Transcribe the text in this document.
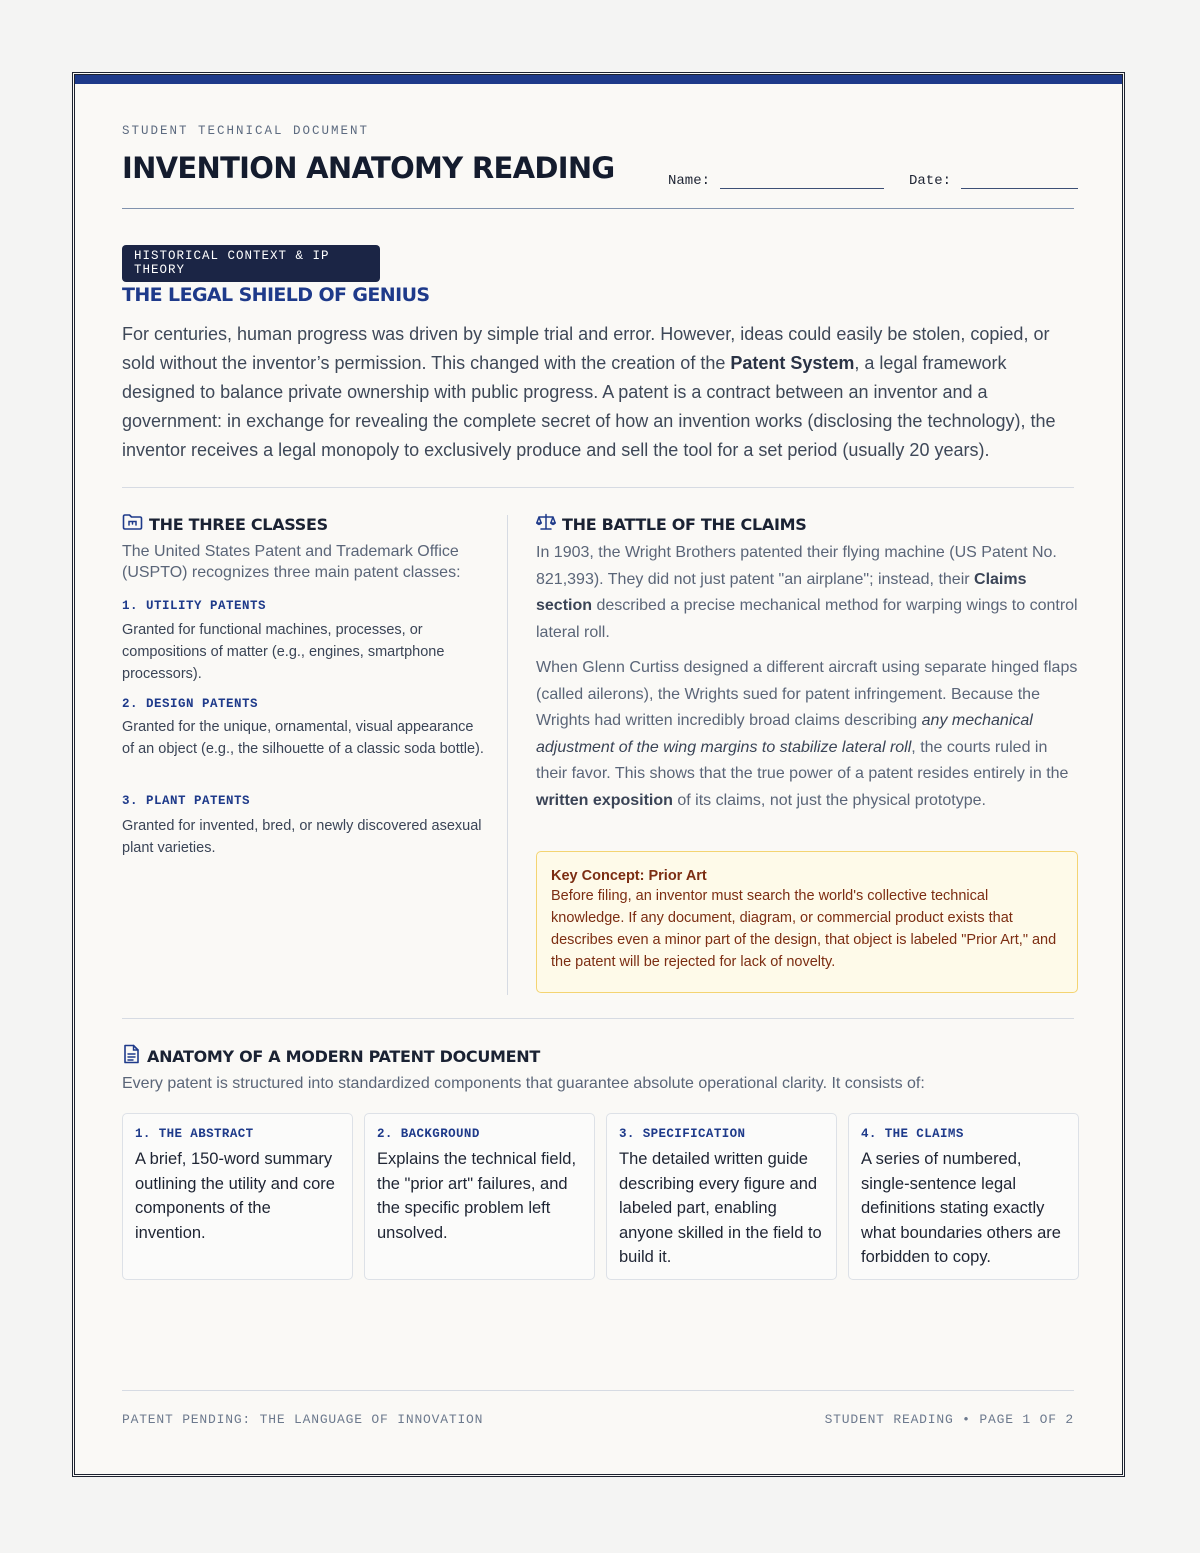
STUDENT TECHNICAL DOCUMENT
INVENTION ANATOMY READING	Name:	Date:
HISTORICAL CONTEXT & IP THEORY
THE LEGAL SHIELD OF GENIUS
For centuries, human progress was driven by simple trial and error. However, ideas could easily be stolen, copied, or sold without the inventor’s permission. This changed with the creation of the Patent System, a legal framework designed to balance private ownership with public progress. A patent is a contract between an inventor and a government: in exchange for revealing the complete secret of how an invention works (disclosing the technology), the inventor receives a legal monopoly to exclusively produce and sell the tool for a set period (usually 20 years).
THE THREE CLASSES
The United States Patent and Trademark Office (USPTO) recognizes three main patent classes:
1. UTILITY PATENTS
Granted for functional machines, processes, or compositions of matter (e.g., engines, smartphone processors).
2. DESIGN PATENTS
Granted for the unique, ornamental, visual appearance of an object (e.g., the silhouette of a classic soda bottle).
3. PLANT PATENTS
Granted for invented, bred, or newly discovered asexual plant varieties.
THE BATTLE OF THE CLAIMS
In 1903, the Wright Brothers patented their flying machine (US Patent No. 821,393). They did not just patent "an airplane"; instead, their Claims section described a precise mechanical method for warping wings to control lateral roll.
When Glenn Curtiss designed a different aircraft using separate hinged flaps (called ailerons), the Wrights sued for patent infringement. Because the Wrights had written incredibly broad claims describing any mechanical adjustment of the wing margins to stabilize lateral roll, the courts ruled in their favor. This shows that the true power of a patent resides entirely in the written exposition of its claims, not just the physical prototype.
Key Concept: Prior Art
Before filing, an inventor must search the world's collective technical knowledge. If any document, diagram, or commercial product exists that describes even a minor part of the design, that object is labeled "Prior Art," and the patent will be rejected for lack of novelty.
ANATOMY OF A MODERN PATENT DOCUMENT
Every patent is structured into standardized components that guarantee absolute operational clarity. It consists of:
1. THE ABSTRACT
A brief, 150-word summary outlining the utility and core components of the invention.
2. BACKGROUND
Explains the technical field, the "prior art" failures, and the specific problem left unsolved.
3. SPECIFICATION
The detailed written guide describing every figure and labeled part, enabling anyone skilled in the field to build it.
4. THE CLAIMS
A series of numbered, single-sentence legal definitions stating exactly what boundaries others are forbidden to copy.
PATENT PENDING: THE LANGUAGE OF INNOVATION	STUDENT READING • PAGE 1 OF 2
